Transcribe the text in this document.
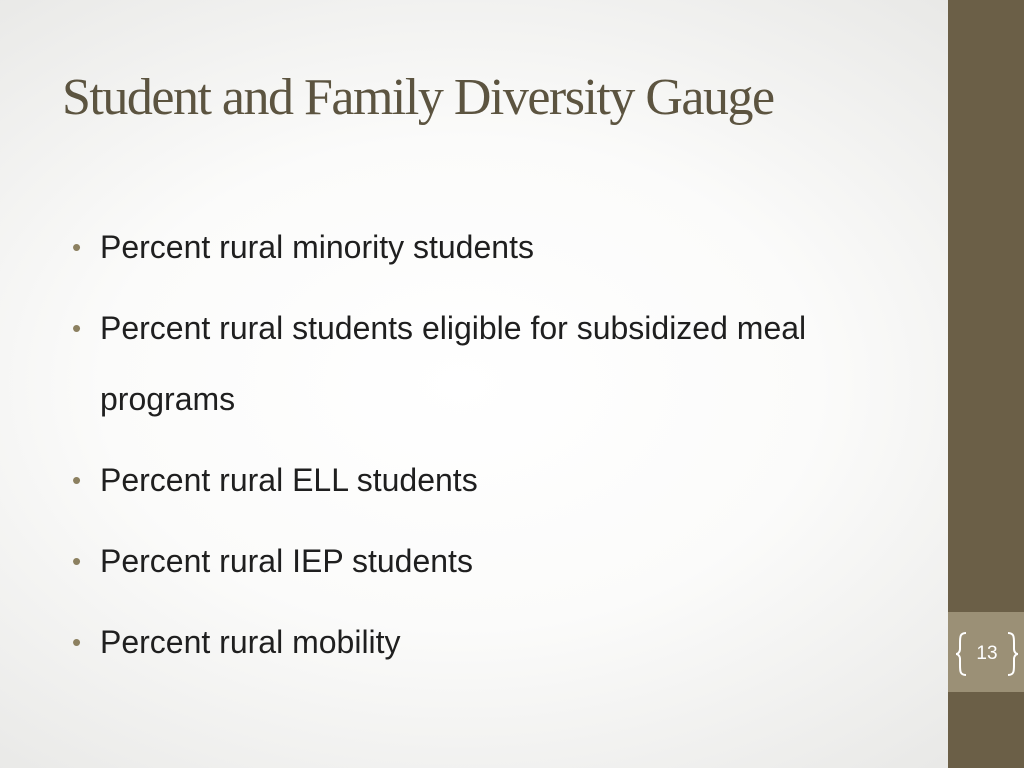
Student and Family Diversity Gauge
• Percent rural minority students
• Percent rural students eligible for subsidized meal programs
• Percent rural ELL students
• Percent rural IEP students
• Percent rural mobility	13
